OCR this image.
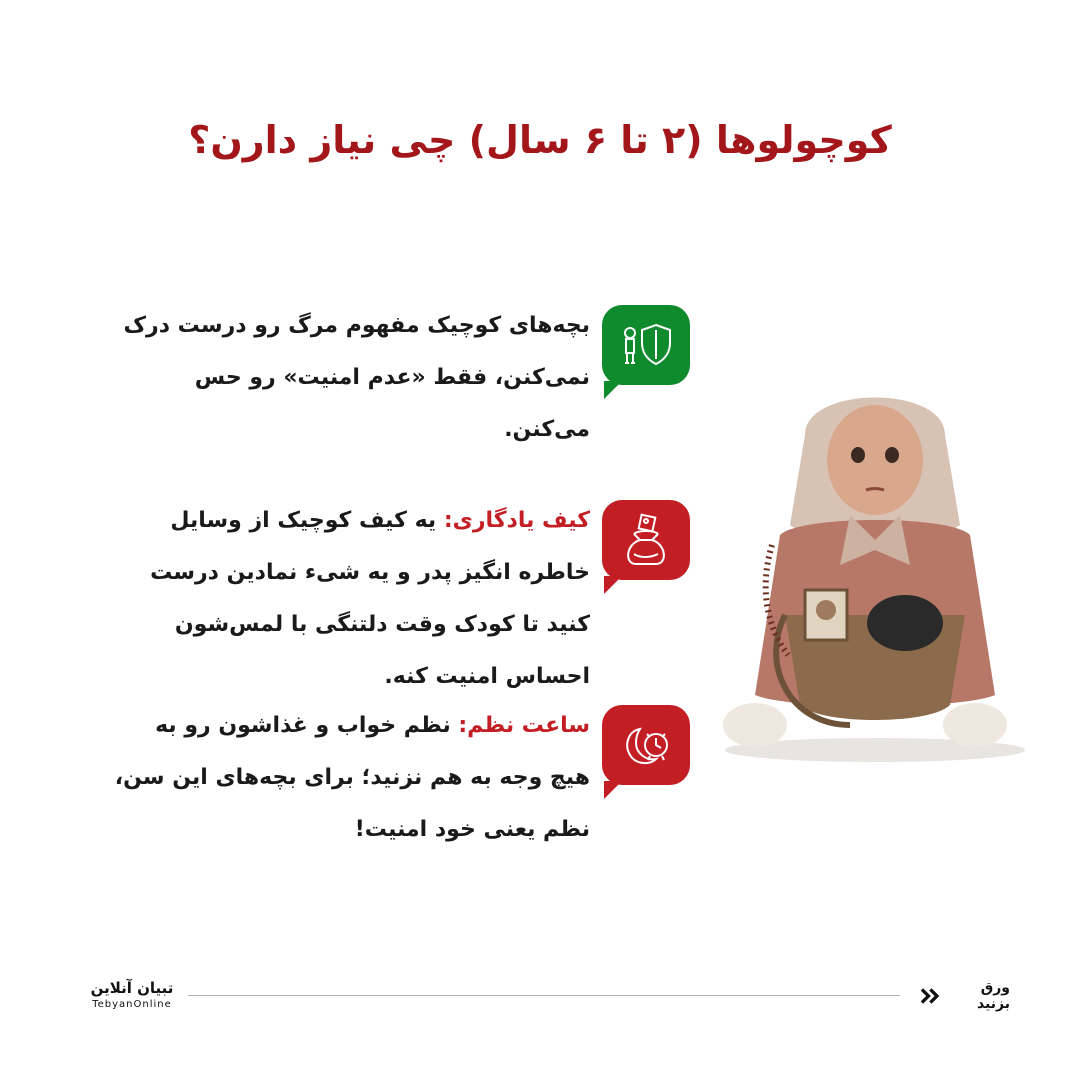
کوچولوها (۲ تا ۶ سال) چی نیاز دارن؟
بچه‌های کوچیک مفهوم مرگ رو درست درک نمی‌کنن، فقط «عدم امنیت» رو حس می‌کنن.
کیف یادگاری: یه کیف کوچیک از وسایل خاطره انگیز پدر و یه شیء نمادین درست کنید تا کودک وقت دلتنگی با لمس‌شون احساس امنیت کنه.
ساعت نظم: نظم خواب و غذاشون رو به هیچ وجه به هم نزنید؛ برای بچه‌های این سن، نظم یعنی خود امنیت!
تبیان آنلاین
TebyanOnline
ورق بزنید
